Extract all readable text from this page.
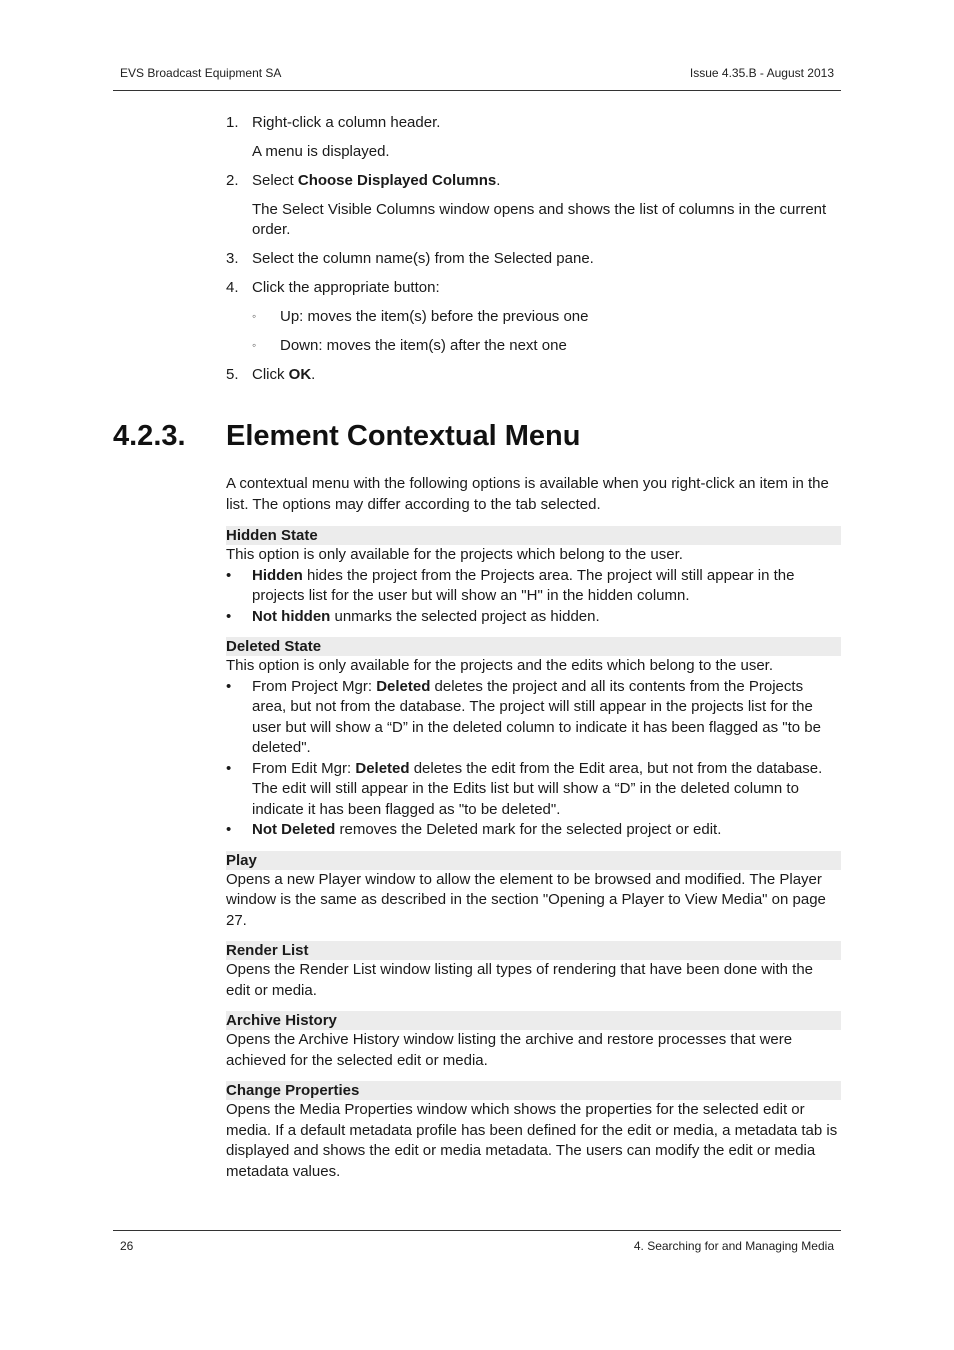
EVS Broadcast Equipment SA	Issue 4.35.B - August 2013
1. Right-click a column header.
A menu is displayed.
2. Select Choose Displayed Columns.
The Select Visible Columns window opens and shows the list of columns in the current order.
3. Select the column name(s) from the Selected pane.
4. Click the appropriate button:
◦ Up: moves the item(s) before the previous one
◦ Down: moves the item(s) after the next one
5. Click OK.
4.2.3. Element Contextual Menu

A contextual menu with the following options is available when you right-click an item in the list. The options may differ according to the tab selected.

Hidden State

This option is only available for the projects which belong to the user.

• Hidden hides the project from the Projects area. The project will still appear in the projects list for the user but will show an "H" in the hidden column.
• Not hidden unmarks the selected project as hidden.
Deleted State

This option is only available for the projects and the edits which belong to the user.

• From Project Mgr: Deleted deletes the project and all its contents from the Projects area, but not from the database. The project will still appear in the projects list for the user but will show a “D” in the deleted column to indicate it has been flagged as "to be deleted".
• From Edit Mgr: Deleted deletes the edit from the Edit area, but not from the database. The edit will still appear in the Edits list but will show a “D” in the deleted column to indicate it has been flagged as "to be deleted".
• Not Deleted removes the Deleted mark for the selected project or edit.
Play

Opens a new Player window to allow the element to be browsed and modified. The Player window is the same as described in the section "Opening a Player to View Media" on page 27.

Render List

Opens the Render List window listing all types of rendering that have been done with the edit or media.

Archive History

Opens the Archive History window listing the archive and restore processes that were achieved for the selected edit or media.

Change Properties

Opens the Media Properties window which shows the properties for the selected edit or media. If a default metadata profile has been defined for the edit or media, a metadata tab is displayed and shows the edit or media metadata. The users can modify the edit or media metadata values.

26	4. Searching for and Managing Media
